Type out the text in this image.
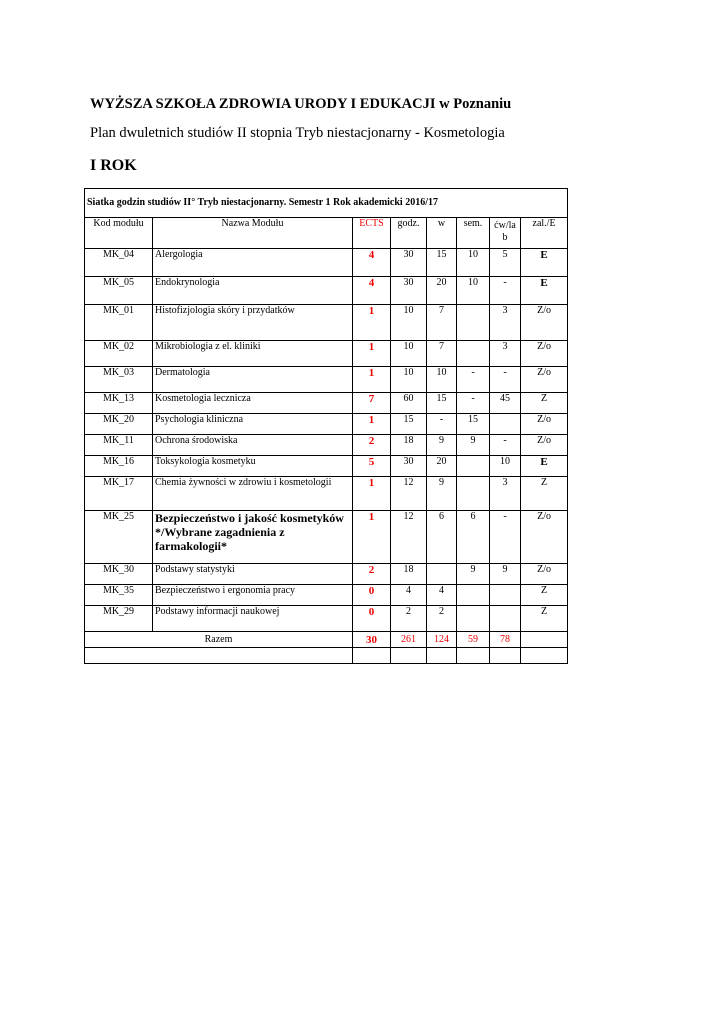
WYŻSZA SZKOŁA ZDROWIA URODY I EDUKACJI w Poznaniu

Plan dwuletnich studiów II stopnia Tryb niestacjonarny - Kosmetologia

I ROK

Siatka godzin studiów II° Tryb niestacjonarny. Semestr 1 Rok akademicki 2016/17							
Kod modułu	Nazwa Modułu	ECTS	godz.	w	sem.	ćw/la b	zal./E
MK_04	Alergologia	4	30	15	10	5	E
MK_05	Endokrynologia	4	30	20	10	-	E
MK_01	Histofizjologia skóry i przydatków	1	10	7		3	Z/o
MK_02	Mikrobiologia z el. kliniki	1	10	7		3	Z/o
MK_03	Dermatologia	1	10	10	-	-	Z/o
MK_13	Kosmetologia lecznicza	7	60	15	-	45	Z
MK_20	Psychologia kliniczna	1	15	-	15		Z/o
MK_11	Ochrona środowiska	2	18	9	9	-	Z/o
MK_16	Toksykologia kosmetyku	5	30	20		10	E
MK_17	Chemia żywności w zdrowiu i kosmetologii	1	12	9		3	Z
MK_25	Bezpieczeństwo i jakość kosmetyków */Wybrane zagadnienia z farmakologii*	1	12	6	6	-	Z/o
MK_30	Podstawy statystyki	2	18		9	9	Z/o
MK_35	Bezpieczeństwo i ergonomia pracy	0	4	4			Z
MK_29	Podstawy informacji naukowej	0	2	2			Z
Razem		30	261	124	59	78	
